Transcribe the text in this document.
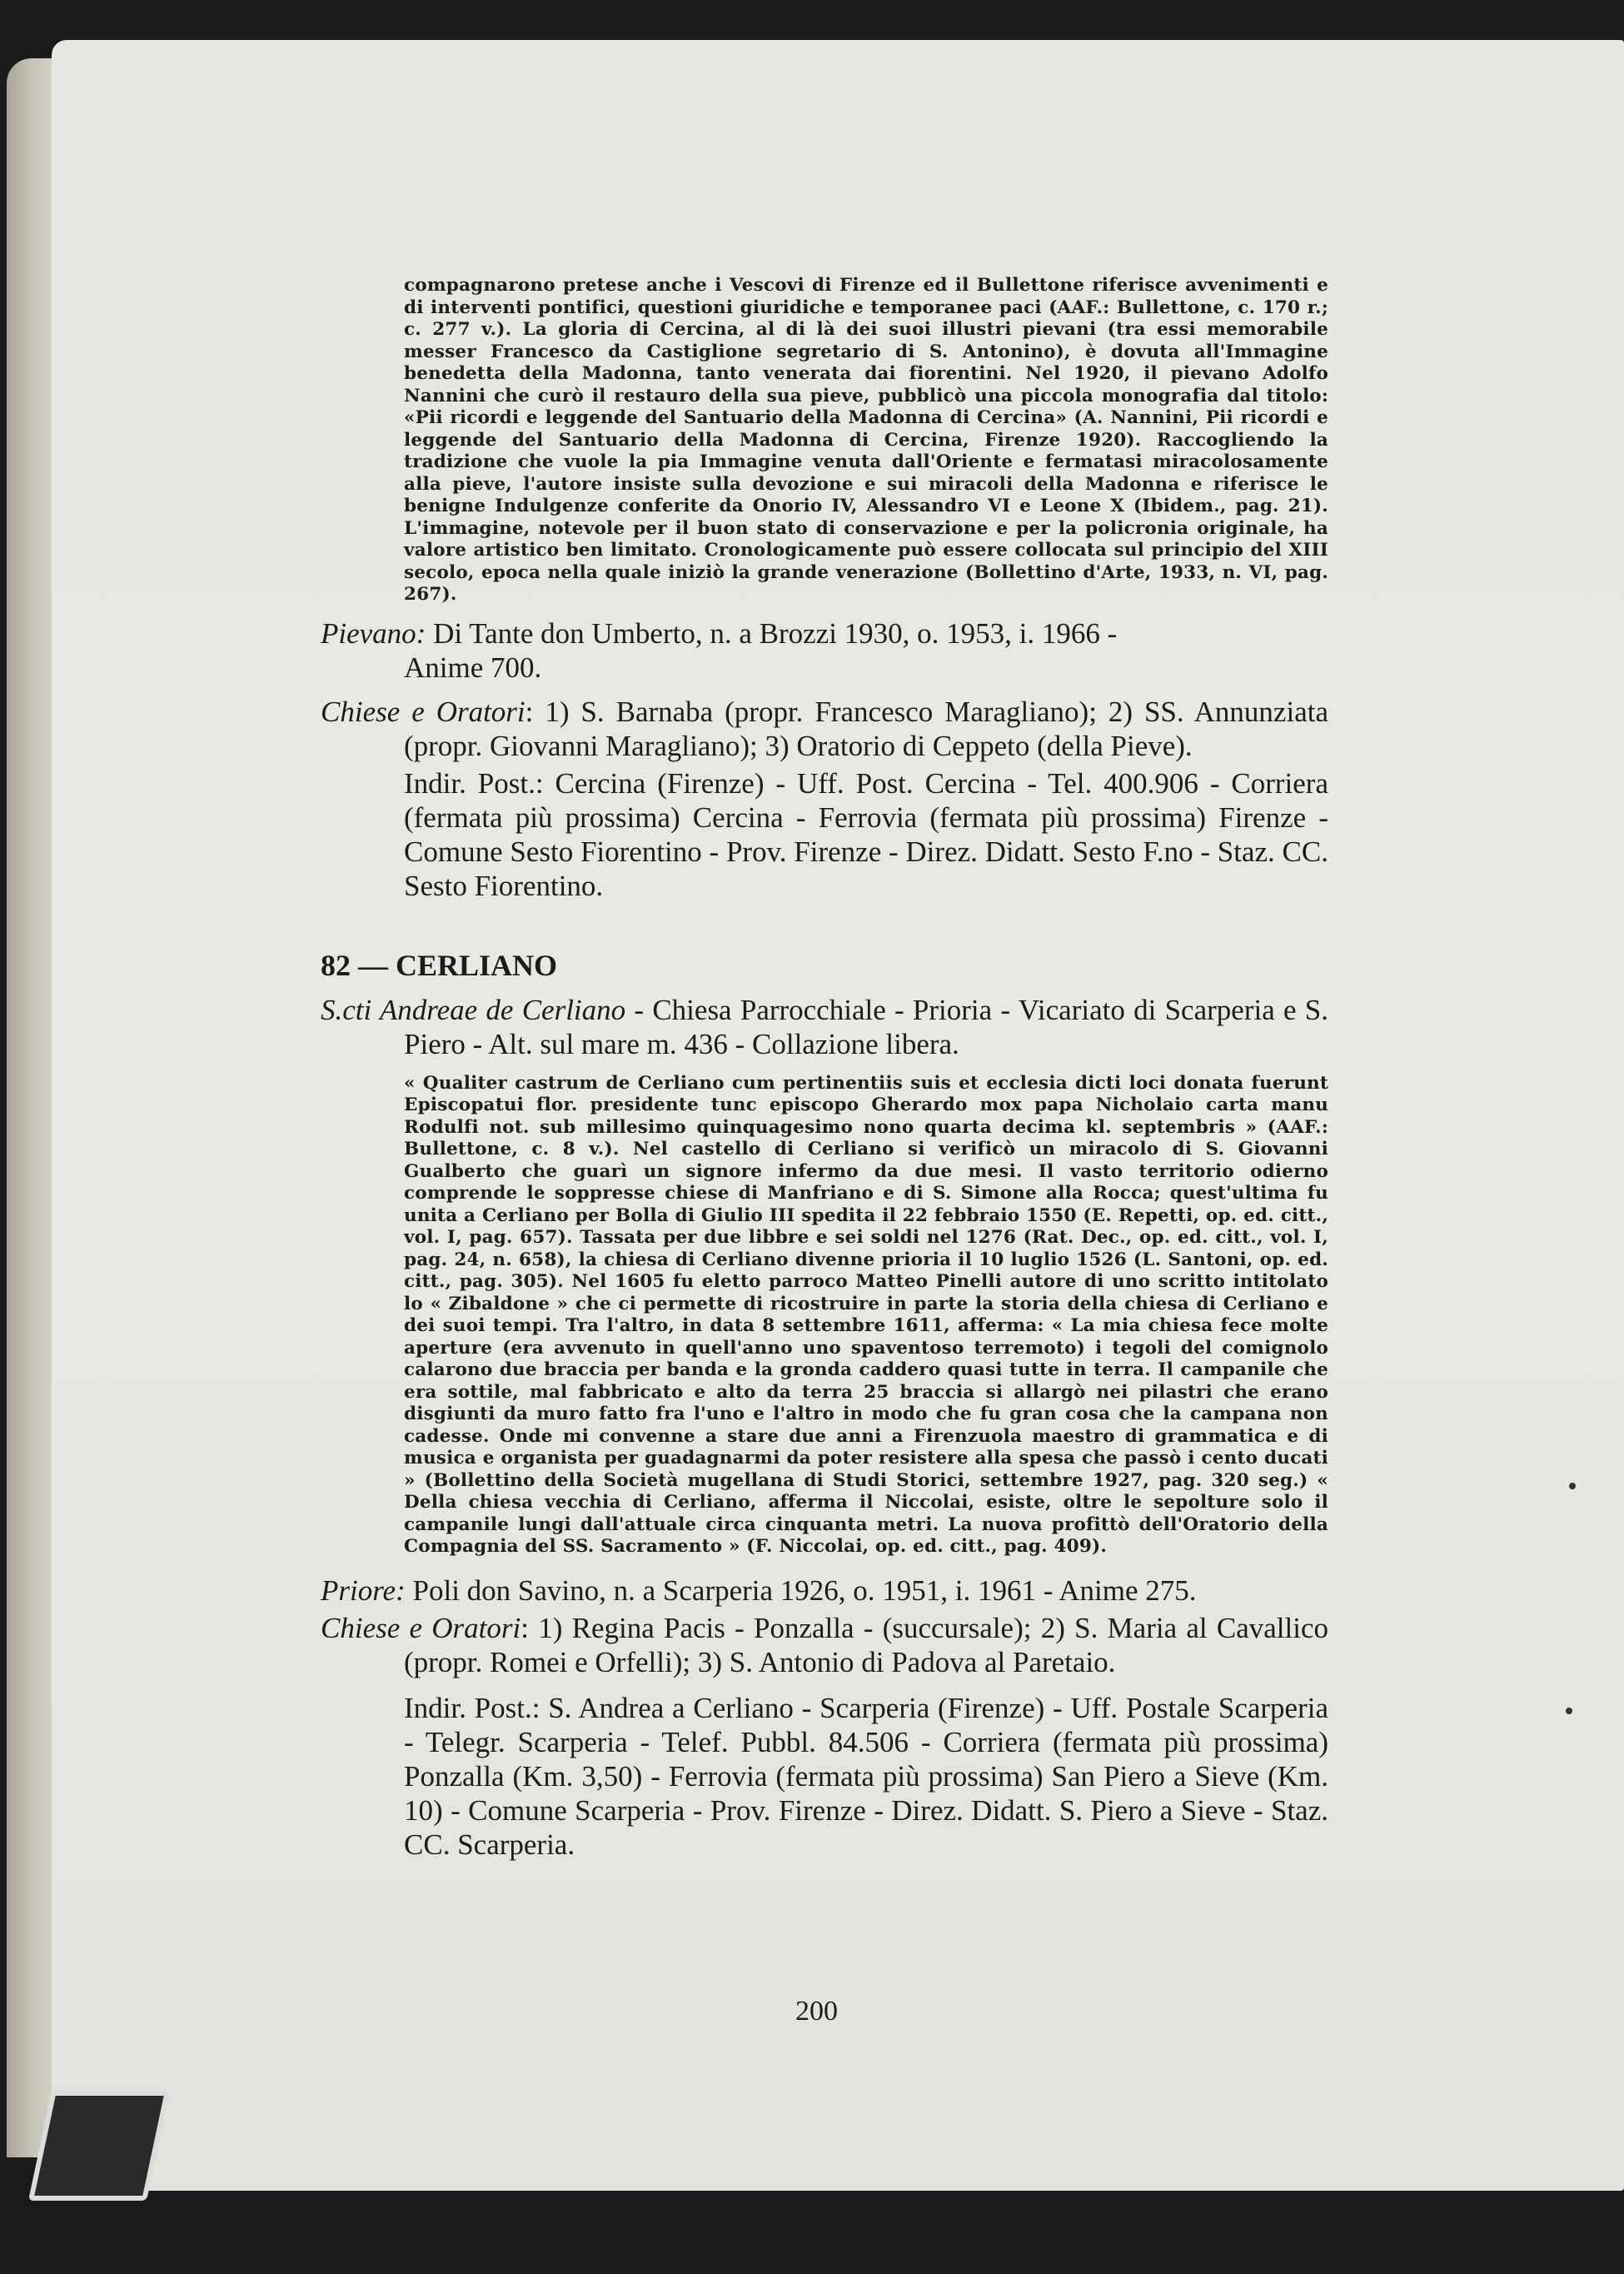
compagnarono pretese anche i Vescovi di Firenze ed il Bullettone riferisce avvenimenti e di interventi pontifici, questioni giuridiche e temporanee paci (AAF.: Bullettone, c. 170 r.; c. 277 v.). La gloria di Cercina, al di là dei suoi illustri pievani (tra essi memorabile messer Francesco da Castiglione segretario di S. Antonino), è dovuta all'Immagine benedetta della Madonna, tanto venerata dai fiorentini. Nel 1920, il pievano Adolfo Nannini che curò il restauro della sua pieve, pubblicò una piccola monografia dal titolo: «Pii ricordi e leggende del Santuario della Madonna di Cercina» (A. Nannini, Pii ricordi e leggende del Santuario della Madonna di Cercina, Firenze 1920). Raccogliendo la tradizione che vuole la pia Immagine venuta dall'Oriente e fermatasi miracolosamente alla pieve, l'autore insiste sulla devozione e sui miracoli della Madonna e riferisce le benigne Indulgenze conferite da Onorio IV, Alessandro VI e Leone X (Ibidem., pag. 21). L'immagine, notevole per il buon stato di conservazione e per la policronia originale, ha valore artistico ben limitato. Cronologicamente può essere collocata sul principio del XIII secolo, epoca nella quale iniziò la grande venerazione (Bollettino d'Arte, 1933, n. VI, pag. 267).

Pievano: Di Tante don Umberto, n. a Brozzi 1930, o. 1953, i. 1966 -
Anime 700.
Chiese e Oratori: 1) S. Barnaba (propr. Francesco Maragliano); 2) SS. Annunziata (propr. Giovanni Maragliano); 3) Oratorio di Ceppeto (della Pieve).
Indir. Post.: Cercina (Firenze) - Uff. Post. Cercina - Tel. 400.906 - Corriera (fermata più prossima) Cercina - Ferrovia (fermata più prossima) Firenze - Comune Sesto Fiorentino - Prov. Firenze - Direz. Didatt. Sesto F.no - Staz. CC. Sesto Fiorentino.
82 — CERLIANO
S.cti Andreae de Cerliano - Chiesa Parrocchiale - Prioria - Vicariato di Scarperia e S. Piero - Alt. sul mare m. 436 - Collazione libera.

« Qualiter castrum de Cerliano cum pertinentiis suis et ecclesia dicti loci donata fuerunt Episcopatui flor. presidente tunc episcopo Gherardo mox papa Nicholaio carta manu Rodulfi not. sub millesimo quinquagesimo nono quarta decima kl. septembris » (AAF.: Bullettone, c. 8 v.). Nel castello di Cerliano si verificò un miracolo di S. Giovanni Gualberto che guarì un signore infermo da due mesi. Il vasto territorio odierno comprende le soppresse chiese di Manfriano e di S. Simone alla Rocca; quest'ultima fu unita a Cerliano per Bolla di Giulio III spedita il 22 febbraio 1550 (E. Repetti, op. ed. citt., vol. I, pag. 657). Tassata per due libbre e sei soldi nel 1276 (Rat. Dec., op. ed. citt., vol. I, pag. 24, n. 658), la chiesa di Cerliano divenne prioria il 10 luglio 1526 (L. Santoni, op. ed. citt., pag. 305). Nel 1605 fu eletto parroco Matteo Pinelli autore di uno scritto intitolato lo « Zibaldone » che ci permette di ricostruire in parte la storia della chiesa di Cerliano e dei suoi tempi. Tra l'altro, in data 8 settembre 1611, afferma: « La mia chiesa fece molte aperture (era avvenuto in quell'anno uno spaventoso terremoto) i tegoli del comignolo calarono due braccia per banda e la gronda caddero quasi tutte in terra. Il campanile che era sottile, mal fabbricato e alto da terra 25 braccia si allargò nei pilastri che erano disgiunti da muro fatto fra l'uno e l'altro in modo che fu gran cosa che la campana non cadesse. Onde mi convenne a stare due anni a Firenzuola maestro di grammatica e di musica e organista per guadagnarmi da poter resistere alla spesa che passò i cento ducati » (Bollettino della Società mugellana di Studi Storici, settembre 1927, pag. 320 seg.) « Della chiesa vecchia di Cerliano, afferma il Niccolai, esiste, oltre le sepolture solo il campanile lungi dall'attuale circa cinquanta metri. La nuova profittò dell'Oratorio della Compagnia del SS. Sacramento » (F. Niccolai, op. ed. citt., pag. 409).

Priore: Poli don Savino, n. a Scarperia 1926, o. 1951, i. 1961 - Anime 275.
Chiese e Oratori: 1) Regina Pacis - Ponzalla - (succursale); 2) S. Maria al Cavallico (propr. Romei e Orfelli); 3) S. Antonio di Padova al Paretaio.
Indir. Post.: S. Andrea a Cerliano - Scarperia (Firenze) - Uff. Postale Scarperia - Telegr. Scarperia - Telef. Pubbl. 84.506 - Corriera (fermata più prossima) Ponzalla (Km. 3,50) - Ferrovia (fermata più prossima) San Piero a Sieve (Km. 10) - Comune Scarperia - Prov. Firenze - Direz. Didatt. S. Piero a Sieve - Staz. CC. Scarperia.
200
